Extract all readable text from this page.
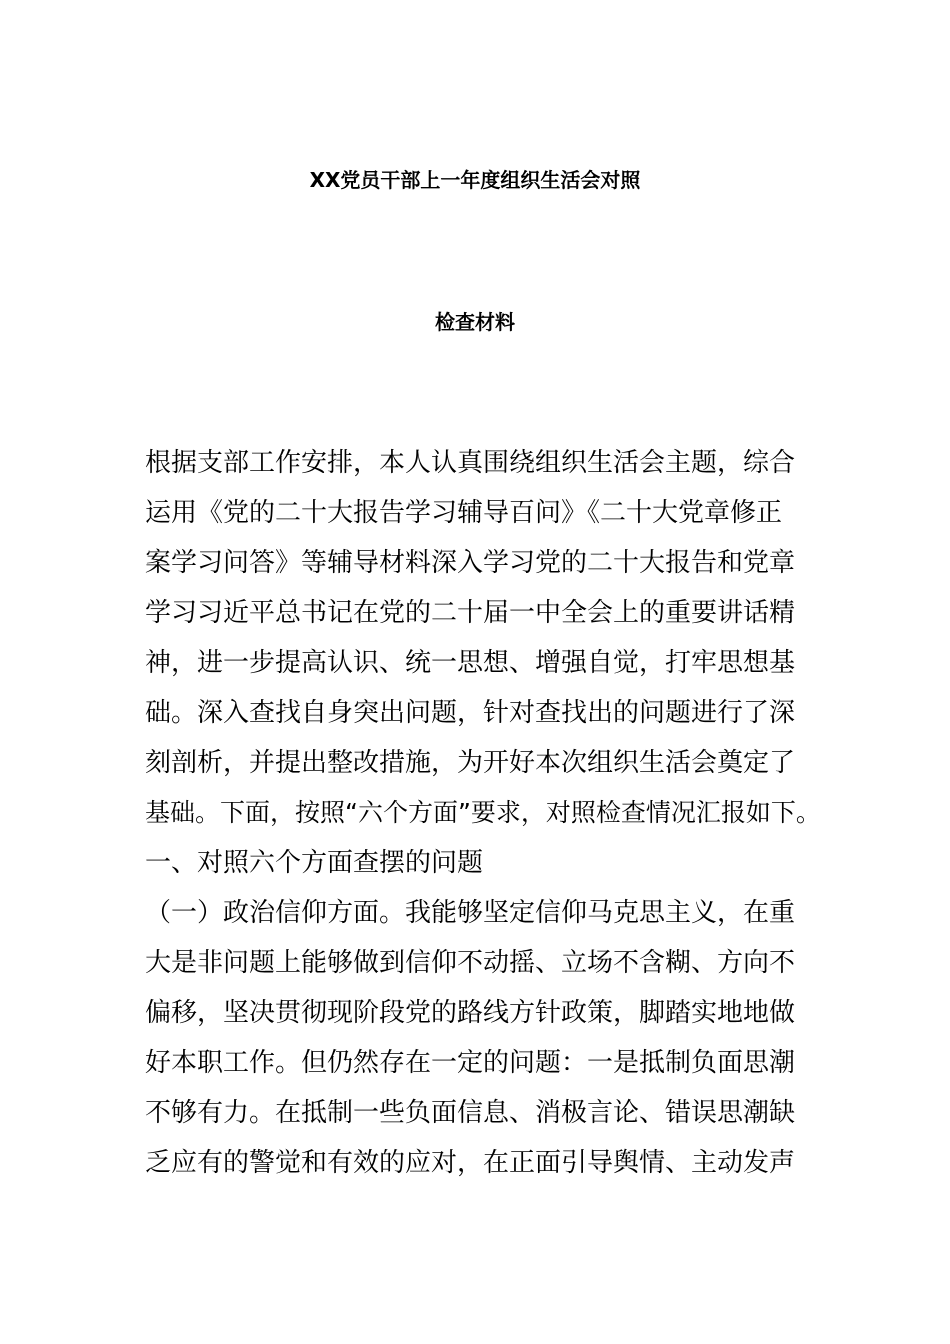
XX党员干部上一年度组织生活会对照
检查材料
根据支部工作安排，本人认真围绕组织生活会主题，综合
运用《党的二十大报告学习辅导百问》《二十大党章修正
案学习问答》等辅导材料深入学习党的二十大报告和党章
学习习近平总书记在党的二十届一中全会上的重要讲话精
神，进一步提高认识、统一思想、增强自觉，打牢思想基
础。深入查找自身突出问题，针对查找出的问题进行了深
刻剖析，并提出整改措施，为开好本次组织生活会奠定了
基础。下面，按照“六个方面”要求，对照检查情况汇报如下。
一、对照六个方面查摆的问题
（一）政治信仰方面。我能够坚定信仰马克思主义，在重
大是非问题上能够做到信仰不动摇、立场不含糊、方向不
偏移，坚决贯彻现阶段党的路线方针政策，脚踏实地地做
好本职工作。但仍然存在一定的问题：一是抵制负面思潮
不够有力。在抵制一些负面信息、消极言论、错误思潮缺
乏应有的警觉和有效的应对，在正面引导舆情、主动发声
